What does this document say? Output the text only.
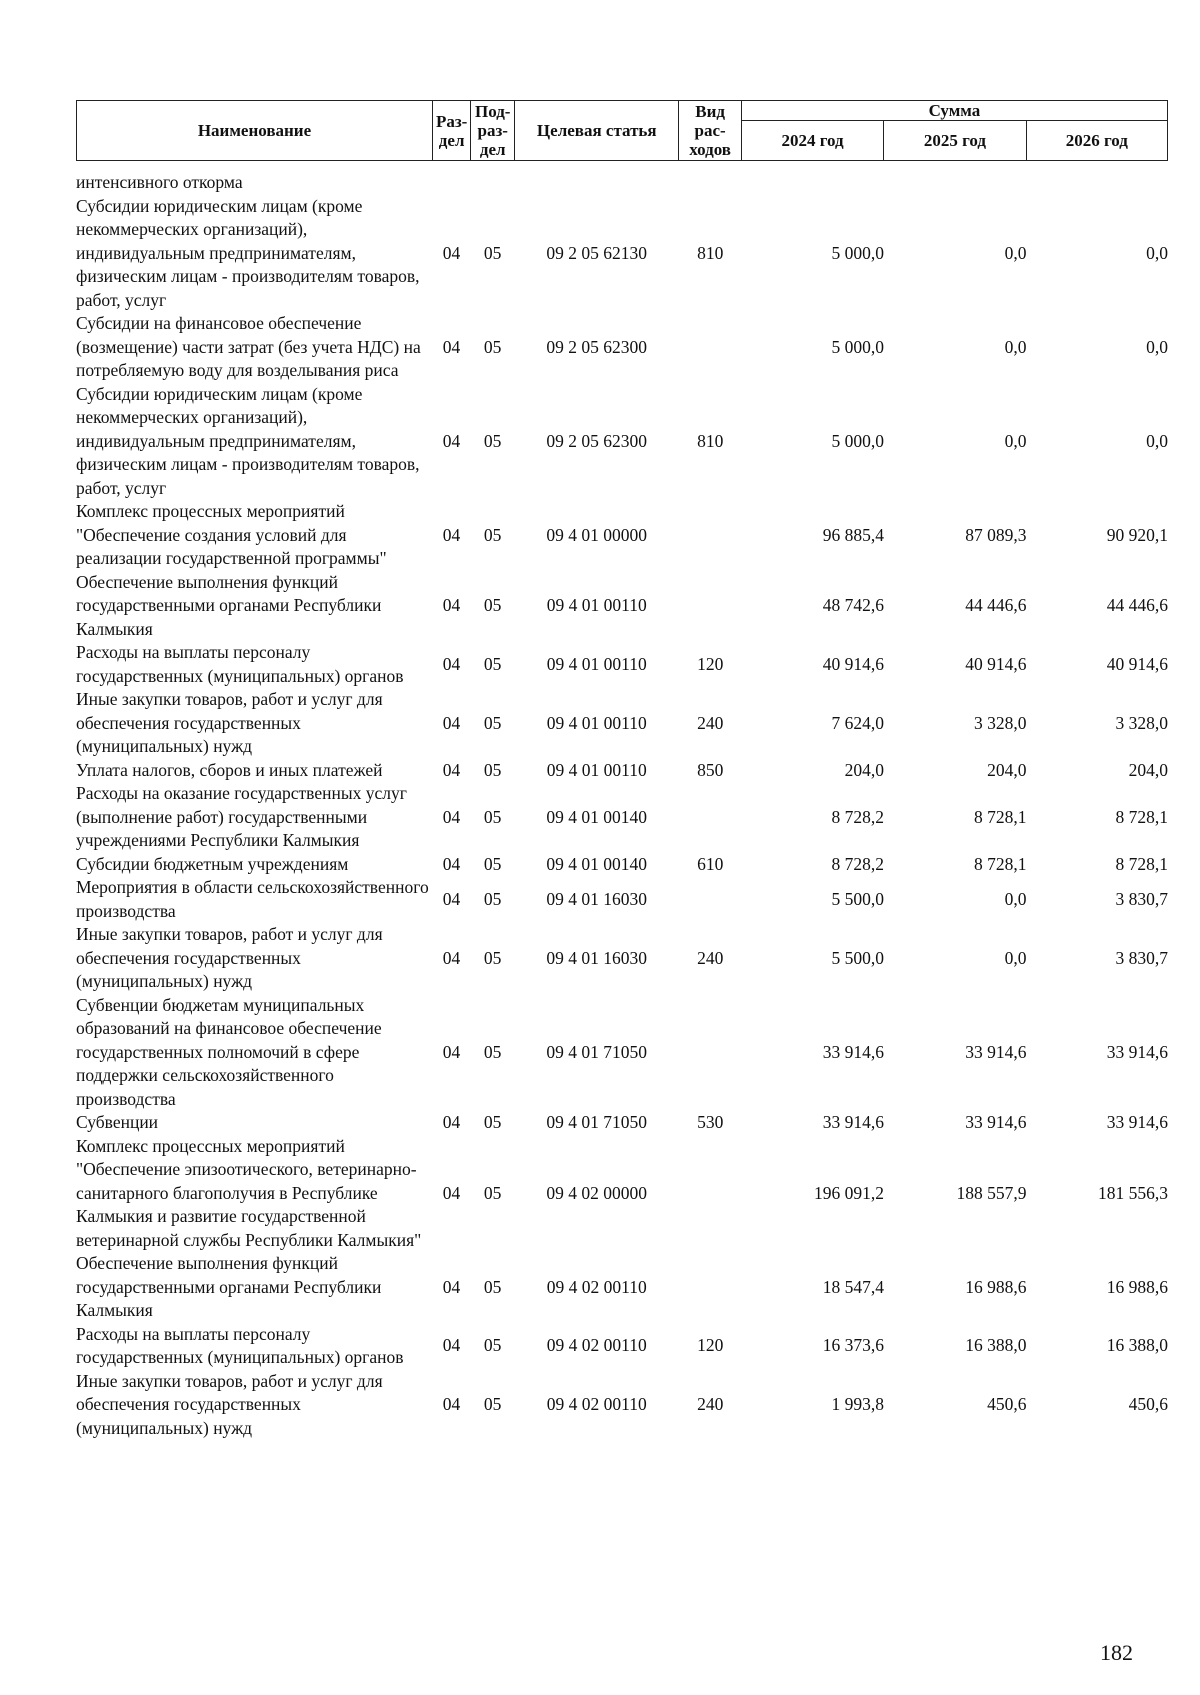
Наименование	Раз-дел	Под-раз-дел	Целевая статья	Вид рас-ходов	Сумма		
					2024 год	2025 год	2026 год
интенсивного откорма							
Субсидии юридическим лицам (кроме некоммерческих организаций), индивидуальным предпринимателям, физическим лицам - производителям товаров, работ, услуг	04	05	09 2 05 62130	810	5 000,0	0,0	0,0
Субсидии на финансовое обеспечение (возмещение) части затрат (без учета НДС) на потребляемую воду для возделывания риса	04	05	09 2 05 62300		5 000,0	0,0	0,0
Субсидии юридическим лицам (кроме некоммерческих организаций), индивидуальным предпринимателям, физическим лицам - производителям товаров, работ, услуг	04	05	09 2 05 62300	810	5 000,0	0,0	0,0
Комплекс процессных мероприятий "Обеспечение создания условий для реализации государственной программы"	04	05	09 4 01 00000		96 885,4	87 089,3	90 920,1
Обеспечение выполнения функций государственными органами Республики Калмыкия	04	05	09 4 01 00110		48 742,6	44 446,6	44 446,6
Расходы на выплаты персоналу государственных (муниципальных) органов	04	05	09 4 01 00110	120	40 914,6	40 914,6	40 914,6
Иные закупки товаров, работ и услуг для обеспечения государственных (муниципальных) нужд	04	05	09 4 01 00110	240	7 624,0	3 328,0	3 328,0
Уплата налогов, сборов и иных платежей	04	05	09 4 01 00110	850	204,0	204,0	204,0
Расходы на оказание государственных услуг (выполнение работ) государственными учреждениями Республики Калмыкия	04	05	09 4 01 00140		8 728,2	8 728,1	8 728,1
Субсидии бюджетным учреждениям	04	05	09 4 01 00140	610	8 728,2	8 728,1	8 728,1
Мероприятия в области сельскохозяйственного производства	04	05	09 4 01 16030		5 500,0	0,0	3 830,7
Иные закупки товаров, работ и услуг для обеспечения государственных (муниципальных) нужд	04	05	09 4 01 16030	240	5 500,0	0,0	3 830,7
Субвенции бюджетам муниципальных образований на финансовое обеспечение государственных полномочий в сфере поддержки сельскохозяйственного производства	04	05	09 4 01 71050		33 914,6	33 914,6	33 914,6
Субвенции	04	05	09 4 01 71050	530	33 914,6	33 914,6	33 914,6
Комплекс процессных мероприятий "Обеспечение эпизоотического, ветеринарно-санитарного благополучия в Республике Калмыкия и развитие государственной ветеринарной службы Республики Калмыкия"	04	05	09 4 02 00000		196 091,2	188 557,9	181 556,3
Обеспечение выполнения функций государственными органами Республики Калмыкия	04	05	09 4 02 00110		18 547,4	16 988,6	16 988,6
Расходы на выплаты персоналу государственных (муниципальных) органов	04	05	09 4 02 00110	120	16 373,6	16 388,0	16 388,0
Иные закупки товаров, работ и услуг для обеспечения государственных (муниципальных) нужд	04	05	09 4 02 00110	240	1 993,8	450,6	450,6
182
